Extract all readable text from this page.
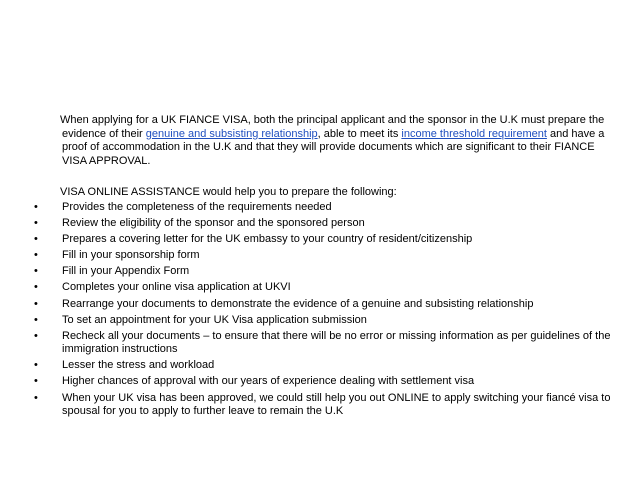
When applying for a UK FIANCE VISA, both the principal applicant and the sponsor in the U.K must prepare the evidence of their genuine and subsisting relationship, able to meet its income threshold requirement and have a proof of accommodation in the U.K and that they will provide documents which are significant to their FIANCE VISA APPROVAL.

VISA ONLINE ASSISTANCE would help you to prepare the following:

•	Provides the completeness of the requirements needed
•	Review the eligibility of the sponsor and the sponsored person
•	Prepares a covering letter for the UK embassy to your country of resident/citizenship
•	Fill in your sponsorship form
•	Fill in your Appendix Form
•	Completes your online visa application at UKVI
•	Rearrange your documents to demonstrate the evidence of a genuine and subsisting relationship
•	To set an appointment for your UK Visa application submission
•	Recheck all your documents – to ensure that there will be no error or missing information as per guidelines of the immigration instructions
•	Lesser the stress and workload
•	Higher chances of approval with our years of experience dealing with settlement visa
•	When your UK visa has been approved, we could still help you out ONLINE to apply switching your fiancé visa to spousal for you to apply to further leave to remain the U.K
